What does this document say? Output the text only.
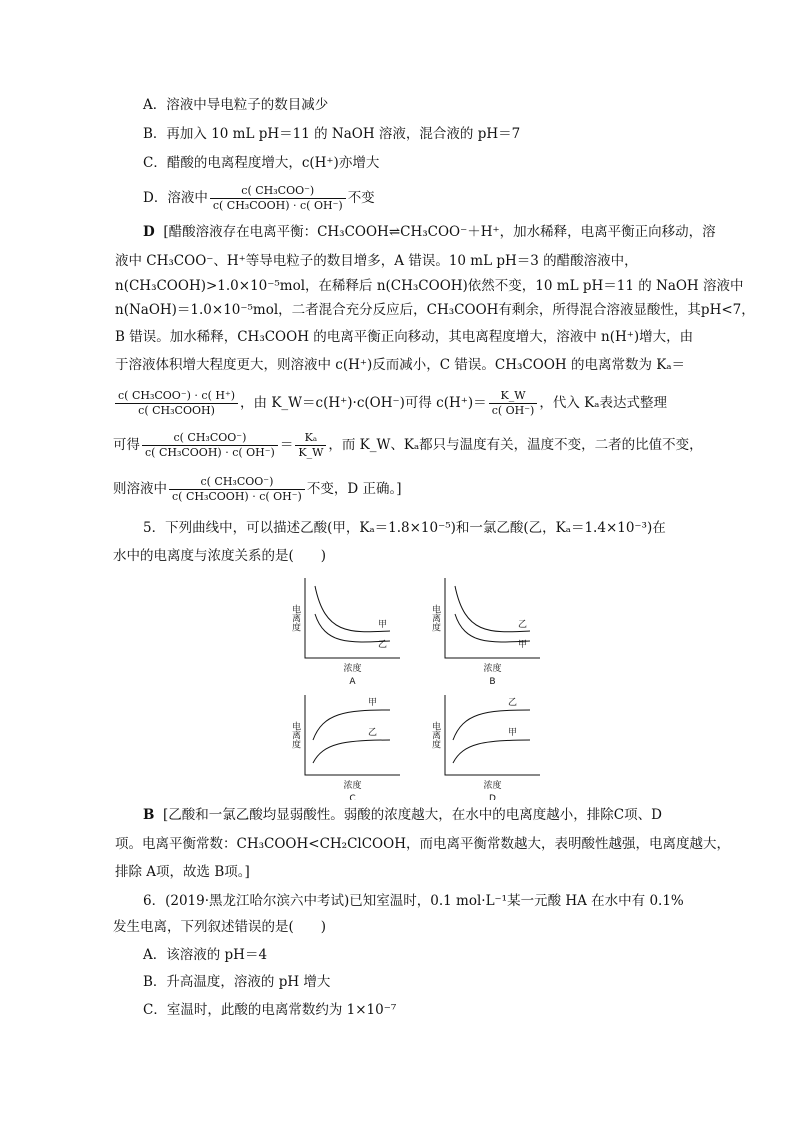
A．溶液中导电粒子的数目减少
B．再加入 10 mL pH＝11 的 NaOH 溶液，混合液的 pH＝7
C．醋酸的电离程度增大，c(H⁺)亦增大
D．溶液中 $\frac{\text{c( CH₃COO⁻)}}{\text{c( CH₃COOH) · c( OH⁻)}}$ 不变
D [醋酸溶液存在电离平衡：CH₃COOH⇌CH₃COO⁻＋H⁺，加水稀释，电离平衡正向移动，溶
液中 CH₃COO⁻、H⁺等导电粒子的数目增多，A 错误。10 mL pH＝3 的醋酸溶液中，
n(CH₃COOH)>1.0×10⁻⁵mol，在稀释后 n(CH₃COOH)依然不变，10 mL pH＝11 的 NaOH 溶液中
n(NaOH)＝1.0×10⁻⁵mol，二者混合充分反应后，CH₃COOH有剩余，所得混合溶液显酸性，其pH<7，
B 错误。加水稀释，CH₃COOH 的电离平衡正向移动，其电离程度增大，溶液中 n(H⁺)增大，由
于溶液体积增大程度更大，则溶液中 c(H⁺)反而减小，C 错误。CH₃COOH 的电离常数为 Kₐ＝
$\frac{\text{c( CH₃COO⁻) · c( H⁺)}}{\text{c( CH₃COOH)}}$ ，由 K_W＝c(H⁺)·c(OH⁻)可得 $c(H^+)= \frac{K\_W}{c( OH^-)}$ ，代入 Kₐ表达式整理
可得 $\frac{\text{c( CH₃COO⁻)}}{\text{c( CH₃COOH) · c( OH⁻)}} = \frac{\text{Kₐ}}{K\_W}$ ，而 K_W、Kₐ都只与温度有关，温度不变，二者的比值不变，
则溶液中 $\frac{\text{c( CH₃COO⁻)}}{\text{c( CH₃COOH) · c( OH⁻)}}$ 不变，D 正确。]
5．下列曲线中，可以描述乙酸(甲，Kₐ＝1.8×10⁻⁵)和一氯乙酸(乙，Kₐ＝1.4×10⁻³)在
水中的电离度与浓度关系的是(　　)
电离度
浓度
A
甲
乙
电离度
浓度
B
乙
甲
电离度
浓度
C
甲
乙	电离度
浓度
D
乙
甲
B [乙酸和一氯乙酸均显弱酸性。弱酸的浓度越大，在水中的电离度越小，排除C项、D
项。电离平衡常数：CH₃COOH<CH₂ClCOOH，而电离平衡常数越大，表明酸性越强，电离度越大，
排除 A项，故选 B项。]
6．(2019·黑龙江哈尔滨六中考试)已知室温时，0.1 mol·L⁻¹某一元酸 HA 在水中有 0.1%
发生电离，下列叙述错误的是(　　)
A．该溶液的 pH＝4
B．升高温度，溶液的 pH 增大
C．室温时，此酸的电离常数约为 1×10⁻⁷
